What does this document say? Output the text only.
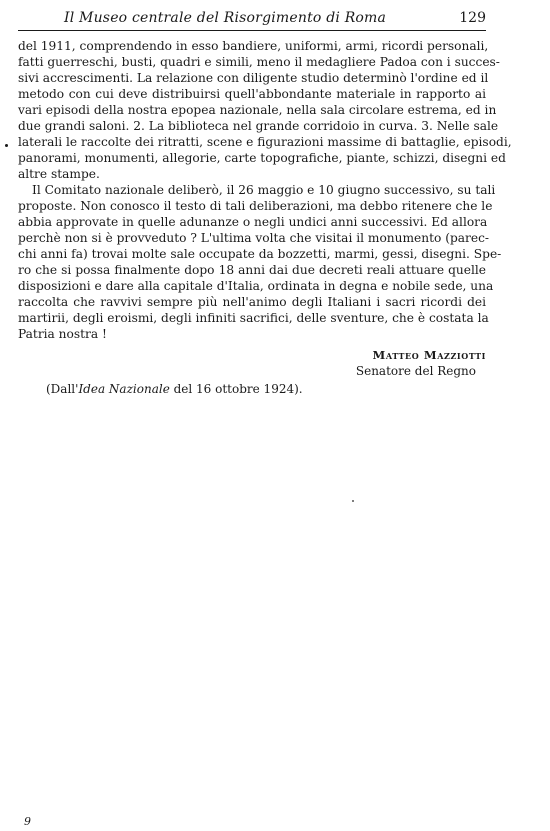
Il Museo centrale del Risorgimento di Roma	129
del 1911, comprendendo in esso bandiere, uniformi, armi, ricordi personali,
fatti guerreschi, busti, quadri e simili, meno il medagliere Padoa con i succes-
sivi accrescimenti. La relazione con diligente studio determinò l'ordine ed il
metodo con cui deve distribuirsi quell'abbondante materiale in rapporto ai
vari episodi della nostra epopea nazionale, nella sala circolare estrema, ed in
due grandi saloni. 2. La biblioteca nel grande corridoio in curva. 3. Nelle sale
laterali le raccolte dei ritratti, scene e figurazioni massime di battaglie, episodi,
panorami, monumenti, allegorie, carte topografiche, piante, schizzi, disegni ed
altre stampe.
Il Comitato nazionale deliberò, il 26 maggio e 10 giugno successivo, su tali
proposte. Non conosco il testo di tali deliberazioni, ma debbo ritenere che le
abbia approvate in quelle adunanze o negli undici anni successivi. Ed allora
perchè non si è provveduto ? L'ultima volta che visitai il monumento (parec-
chi anni fa) trovai molte sale occupate da bozzetti, marmi, gessi, disegni. Spe-
ro che si possa finalmente dopo 18 anni dai due decreti reali attuare quelle
disposizioni e dare alla capitale d'Italia, ordinata in degna e nobile sede, una
raccolta che ravvivi sempre più nell'animo degli Italiani i sacri ricordi dei
martirii, degli eroismi, degli infiniti sacrifici, delle sventure, che è costata la
Patria nostra !
Matteo Mazziotti
Senatore del Regno
(Dall'Idea Nazionale del 16 ottobre 1924).
9
